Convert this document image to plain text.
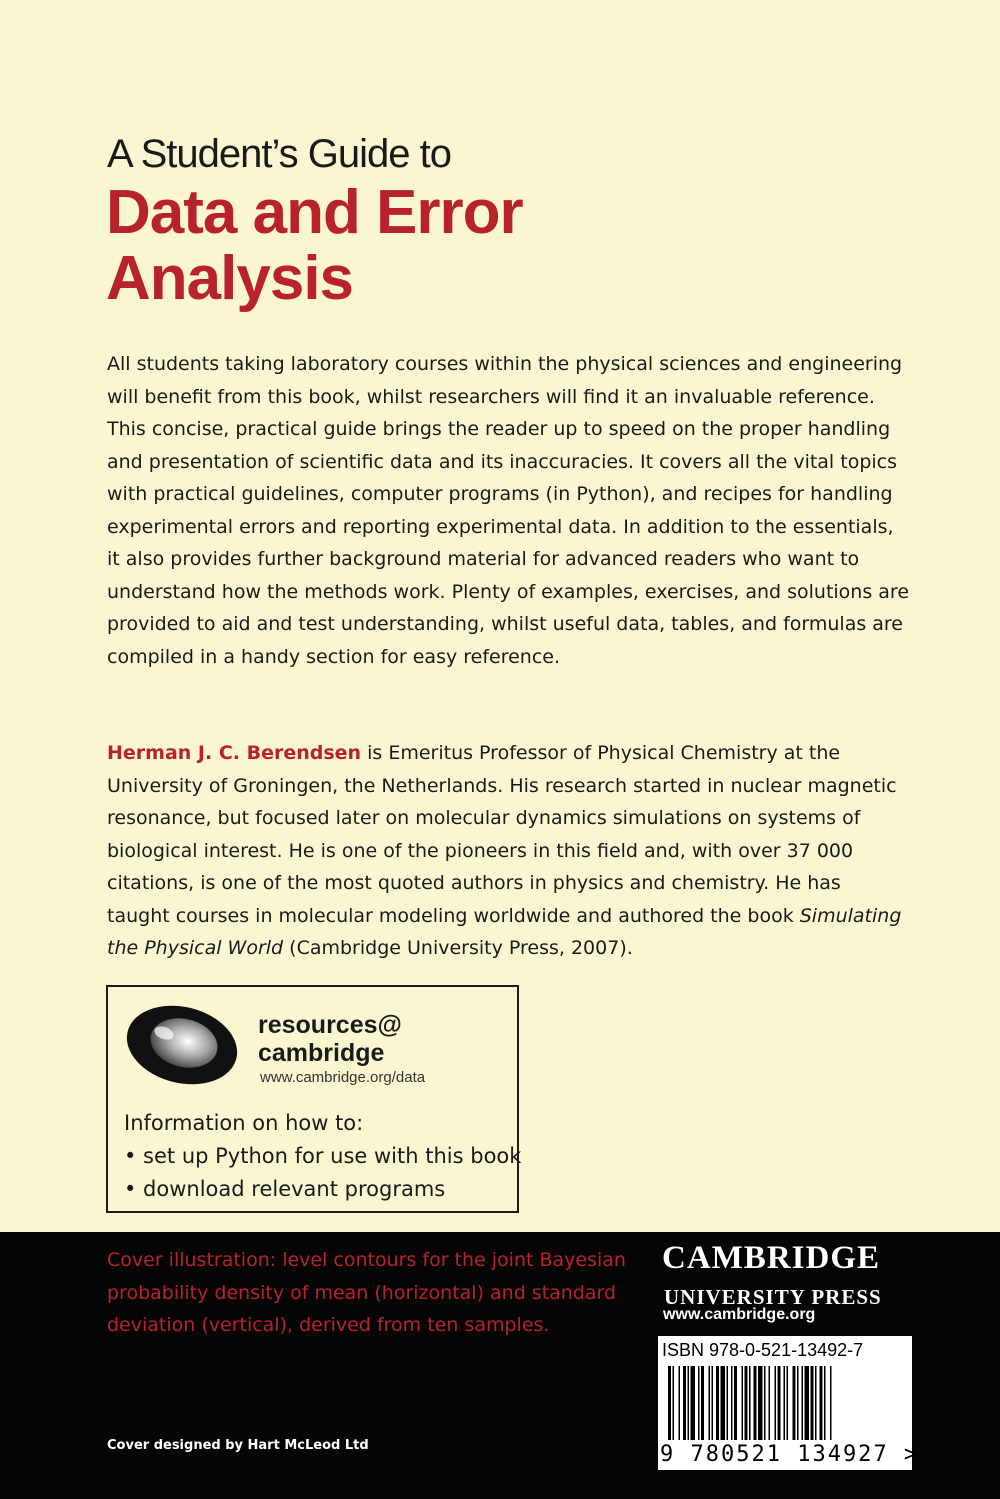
A Student’s Guide to
Data and Error
Analysis
All students taking laboratory courses within the physical sciences and engineering
will benefit from this book, whilst researchers will find it an invaluable reference.
This concise, practical guide brings the reader up to speed on the proper handling
and presentation of scientific data and its inaccuracies. It covers all the vital topics
with practical guidelines, computer programs (in Python), and recipes for handling
experimental errors and reporting experimental data. In addition to the essentials,
it also provides further background material for advanced readers who want to
understand how the methods work. Plenty of examples, exercises, and solutions are
provided to aid and test understanding, whilst useful data, tables, and formulas are
compiled in a handy section for easy reference.
Herman J. C. Berendsen is Emeritus Professor of Physical Chemistry at the
University of Groningen, the Netherlands. His research started in nuclear magnetic
resonance, but focused later on molecular dynamics simulations on systems of
biological interest. He is one of the pioneers in this field and, with over 37 000
citations, is one of the most quoted authors in physics and chemistry. He has
taught courses in molecular modeling worldwide and authored the book Simulating
the Physical World (Cambridge University Press, 2007).
resources@
cambridge
www.cambridge.org/data
Information on how to:
• set up Python for use with this book
• download relevant programs
Cover illustration: level contours for the joint Bayesian
probability density of mean (horizontal) and standard
deviation (vertical), derived from ten samples.
Cover designed by Hart McLeod Ltd
CAMBRIDGE
UNIVERSITY PRESS
www.cambridge.org
ISBN 978-0-521-13492-7
9 780521 134927 >
